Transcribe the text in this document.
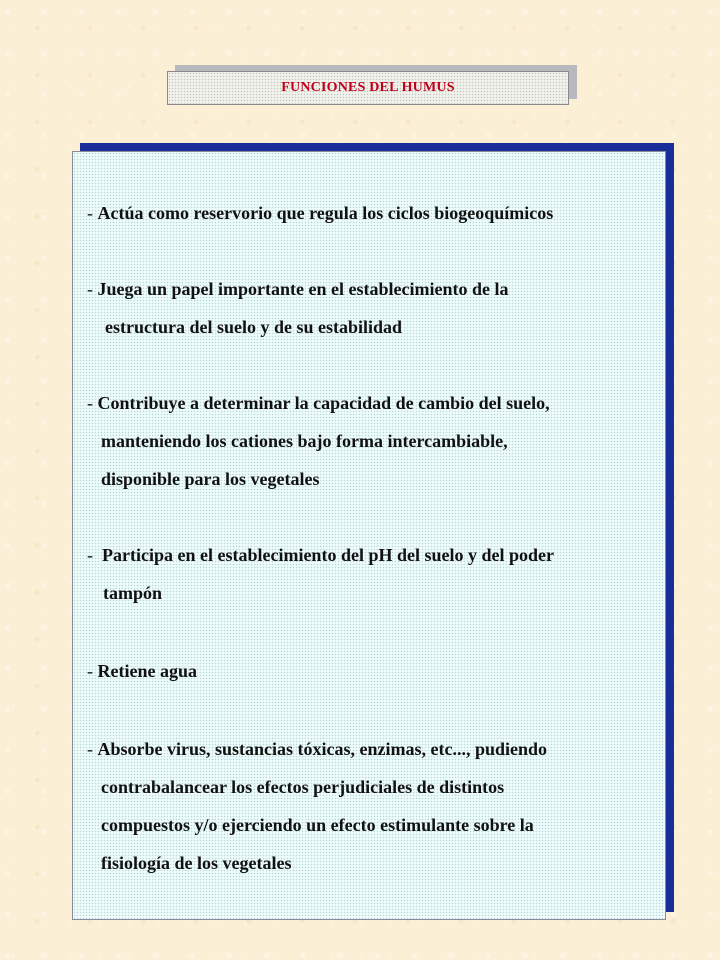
FUNCIONES DEL HUMUS
- Actúa como reservorio que regula los ciclos biogeoquímicos
- Juega un papel importante en el establecimiento de la
estructura del suelo y de su estabilidad
- Contribuye a determinar la capacidad de cambio del suelo,
manteniendo los cationes bajo forma intercambiable,
disponible para los vegetales
-  Participa en el establecimiento del pH del suelo y del poder
tampón
- Retiene agua
- Absorbe virus, sustancias tóxicas, enzimas, etc..., pudiendo
contrabalancear los efectos perjudiciales de distintos
compuestos y/o ejerciendo un efecto estimulante sobre la
fisiología de los vegetales
